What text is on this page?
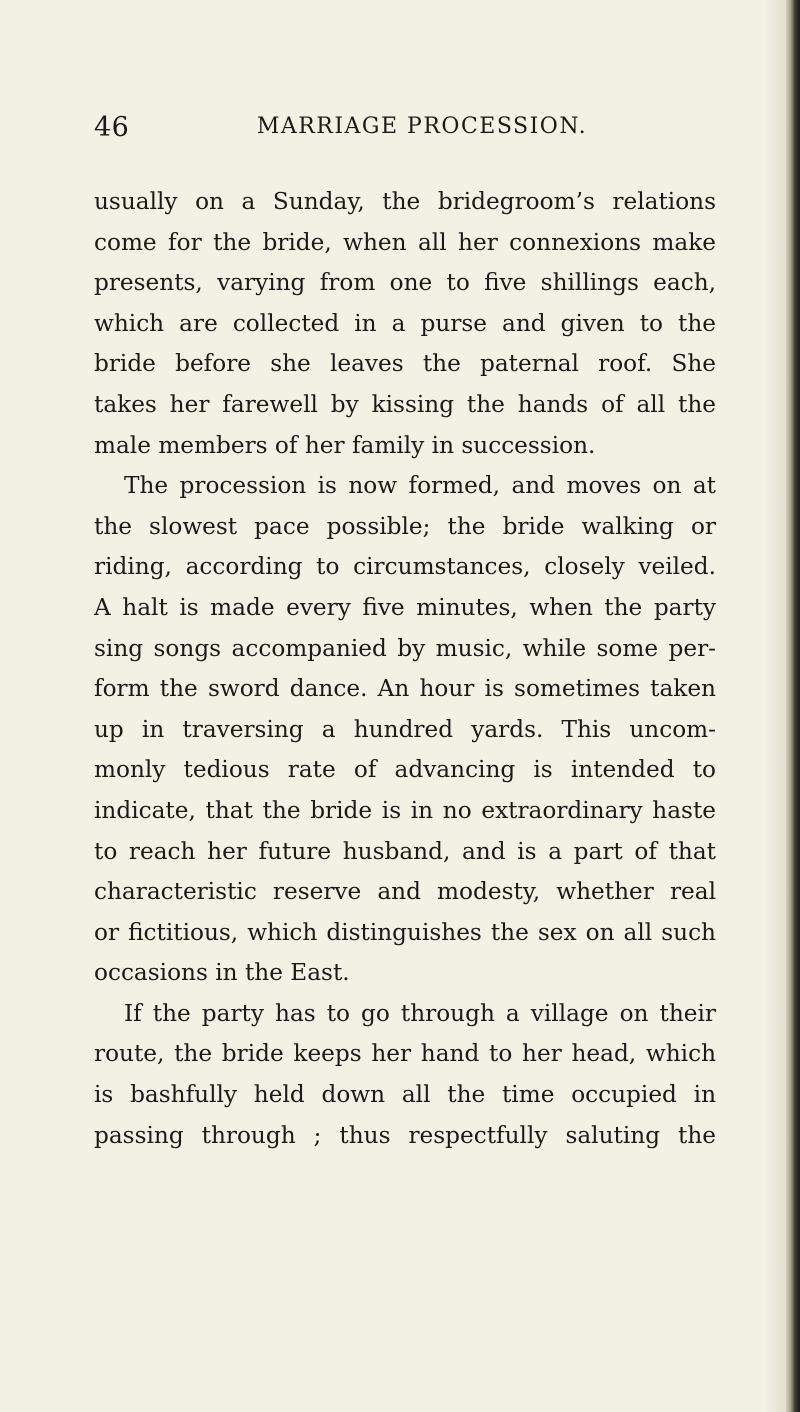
46	MARRIAGE PROCESSION.
usually on a Sunday, the bridegroom’s relations
come for the bride, when all her connexions make
presents, varying from one to five shillings each,
which are collected in a purse and given to the
bride before she leaves the paternal roof. She
takes her farewell by kissing the hands of all the
male members of her family in succession.
The procession is now formed, and moves on at
the slowest pace possible; the bride walking or
riding, according to circumstances, closely veiled.
A halt is made every five minutes, when the party
sing songs accompanied by music, while some per-
form the sword dance. An hour is sometimes taken
up in traversing a hundred yards. This uncom-
monly tedious rate of advancing is intended to
indicate, that the bride is in no extraordinary haste
to reach her future husband, and is a part of that
characteristic reserve and modesty, whether real
or fictitious, which distinguishes the sex on all such
occasions in the East.
If the party has to go through a village on their
route, the bride keeps her hand to her head, which
is bashfully held down all the time occupied in
passing through ; thus respectfully saluting the
